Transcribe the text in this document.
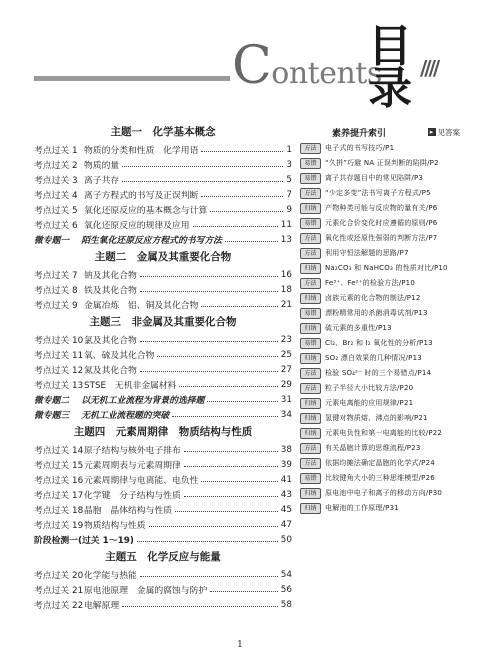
Contents
目
录 ////
主题一　化学基本概念
考点过关 1 物质的分类和性质　化学用语	1
考点过关 2 物质的量	3
考点过关 3 离子共存	5
考点过关 4 离子方程式的书写及正误判断	7
考点过关 5 氧化还原反应的基本概念与计算	9
考点过关 6 氧化还原反应的规律及应用	11
微专题一 陌生氧化还原反应方程式的书写方法	13
主题二　金属及其重要化合物
考点过关 7 钠及其化合物	16
考点过关 8 铁及其化合物	18
考点过关 9 金属冶炼　铝、铜及其化合物	21
主题三　非金属及其重要化合物
考点过关 10 氯及其化合物	23
考点过关 11 氧、硫及其化合物	25
考点过关 12 氮及其化合物	27
考点过关 13 STSE　无机非金属材料	29
微专题二 以无机工业流程为背景的选择题	31
微专题三 无机工业流程题的突破	34
主题四　元素周期律　物质结构与性质
考点过关 14 原子结构与核外电子排布	38
考点过关 15 元素周期表与元素周期律	39
考点过关 16 元素周期律与电离能、电负性	41
考点过关 17 化学键　分子结构与性质	43
考点过关 18 晶胞　晶体结构与性质	45
考点过关 19 物质结构与性质	47
阶段检测一(过关 1～19)	50
主题五　化学反应与能量
考点过关 20 化学能与热能	54
考点过关 21 原电池原理　金属的腐蚀与防护	56
考点过关 22 电解原理	58
素养提升索引	▸ 见答案
方法	电子式的书写技巧/P1
易错	“久拼”巧避 NA 正误判断的陷阱/P2
易错	离子共存题目中的常见陷阱/P3
方法	“少定多变”法书写离子方程式/P5
归纳	产物种类可能与反应物的量有关/P6
易错	元素化合价变化时应遵循的原则/P6
方法	氧化性或还原性强弱的判断方法/P7
方法	利用守恒法解题的思路/P7
归纳	Na₂CO₃ 和 NaHCO₃ 的性质对比/P10
方法	Fe³⁺、Fe²⁺的检验方法/P10
归纳	卤族元素的化合物的制法/P12
易错	漂粉精常用的杀菌消毒试剂/P13
归纳	硫元素的多重性/P13
易错	Cl₂、Br₂ 和 I₂ 氧化性的分析/P13
归纳	SO₂ 漂白效果的几种情况/P13
方法	检验 SO₄²⁻ 时的三个易错点/P14
方法	粒子半径大小比较方法/P20
归纳	元素电离能的应用规律/P21
归纳	氢键对物质熔、沸点的影响/P21
归纳	元素电负性和第一电离能的比较/P22
方法	有关晶胞计算的思维流程/P23
方法	依据均摊法确定晶胞的化学式/P24
易错	比较键角大小的三种思维模型/P26
归纳	原电池中电子和离子的移动方向/P30
归纳	电解池的工作原理/P31
1
